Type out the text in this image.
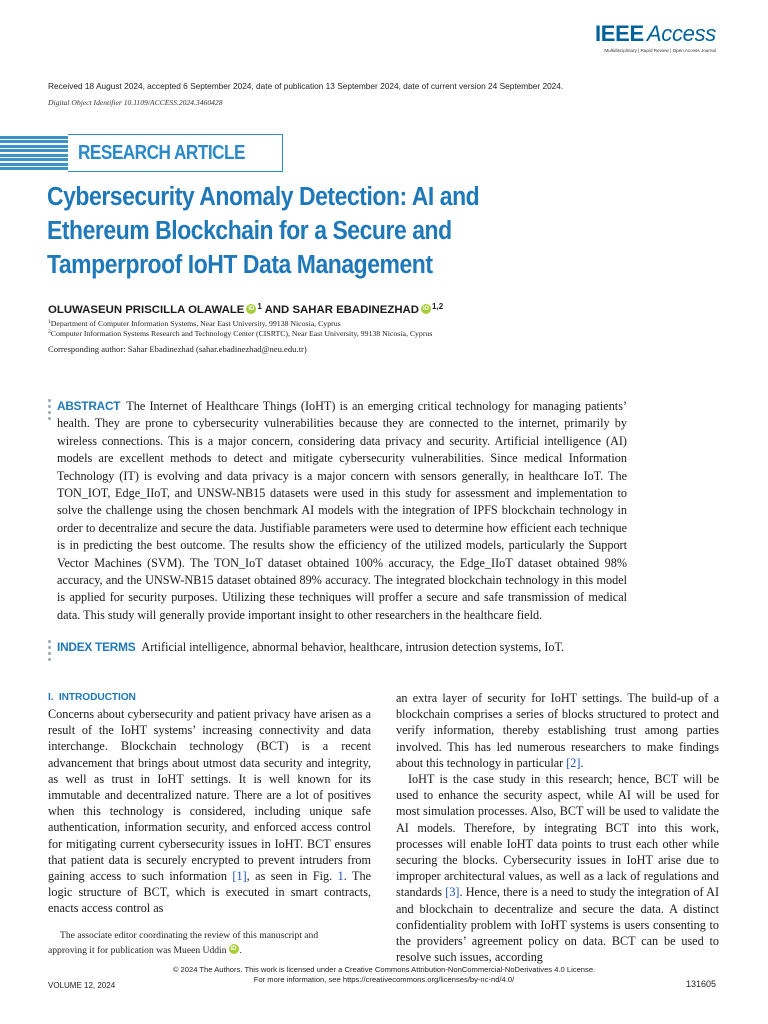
IEEE Access
Multidisciplinary | Rapid Review | Open Access Journal
Received 18 August 2024, accepted 6 September 2024, date of publication 13 September 2024, date of current version 24 September 2024.
Digital Object Identifier 10.1109/ACCESS.2024.3460428
RESEARCH ARTICLE
Cybersecurity Anomaly Detection: AI and
Ethereum Blockchain for a Secure and
Tamperproof IoHT Data Management
OLUWASEUN PRISCILLA OLAWALE iD $^1$ AND SAHAR EBADINEZHAD iD $^{1,2}$
$^1$Department of Computer Information Systems, Near East University, 99138 Nicosia, Cyprus
$^2$Computer Information Systems Research and Technology Center (CISRTC), Near East University, 99138 Nicosia, Cyprus
Corresponding author: Sahar Ebadinezhad (sahar.ebadinezhad@neu.edu.tr)
ABSTRACT The Internet of Healthcare Things (IoHT) is an emerging critical technology for managing patients’ health. They are prone to cybersecurity vulnerabilities because they are connected to the internet, primarily by wireless connections. This is a major concern, considering data privacy and security. Artificial intelligence (AI) models are excellent methods to detect and mitigate cybersecurity vulnerabilities. Since medical Information Technology (IT) is evolving and data privacy is a major concern with sensors generally, in healthcare IoT. The TON_IOT, Edge_IIoT, and UNSW-NB15 datasets were used in this study for assessment and implementation to solve the challenge using the chosen benchmark AI models with the integration of IPFS blockchain technology in order to decentralize and secure the data. Justifiable parameters were used to determine how efficient each technique is in predicting the best outcome. The results show the efficiency of the utilized models, particularly the Support Vector Machines (SVM). The TON_IoT dataset obtained 100% accuracy, the Edge_IIoT dataset obtained 98% accuracy, and the UNSW-NB15 dataset obtained 89% accuracy. The integrated blockchain technology in this model is applied for security purposes. Utilizing these techniques will proffer a secure and safe transmission of medical data. This study will generally provide important insight to other researchers in the healthcare field.
INDEX TERMS Artificial intelligence, abnormal behavior, healthcare, intrusion detection systems, IoT.
I.  INTRODUCTION

Concerns about cybersecurity and patient privacy have arisen as a result of the IoHT systems’ increasing connectivity and data interchange. Blockchain technology (BCT) is a recent advancement that brings about utmost data security and integrity, as well as trust in IoHT settings. It is well known for its immutable and decentralized nature. There are a lot of positives when this technology is considered, including unique safe authentication, information security, and enforced access control for mitigating current cybersecurity issues in IoHT. BCT ensures that patient data is securely encrypted to prevent intruders from gaining access to such information [1], as seen in Fig. 1. The logic structure of BCT, which is executed in smart contracts, enacts access control as

an extra layer of security for IoHT settings. The build-up of a blockchain comprises a series of blocks structured to protect and verify information, thereby establishing trust among parties involved. This has led numerous researchers to make findings about this technology in particular [2].

IoHT is the case study in this research; hence, BCT will be used to enhance the security aspect, while AI will be used for most simulation processes. Also, BCT will be used to validate the AI models. Therefore, by integrating BCT into this work, processes will enable IoHT data points to trust each other while securing the blocks. Cybersecurity issues in IoHT arise due to improper architectural values, as well as a lack of regulations and standards [3]. Hence, there is a need to study the integration of AI and blockchain to decentralize and secure the data. A distinct confidentiality problem with IoHT systems is users consenting to the providers’ agreement policy on data. BCT can be used to resolve such issues, according

The associate editor coordinating the review of this manuscript and
approving it for publication was Mueen Uddin iD .
© 2024 The Authors. This work is licensed under a Creative Commons Attribution-NonCommercial-NoDerivatives 4.0 License.
For more information, see https://creativecommons.org/licenses/by-nc-nd/4.0/
VOLUME 12, 2024	131605
